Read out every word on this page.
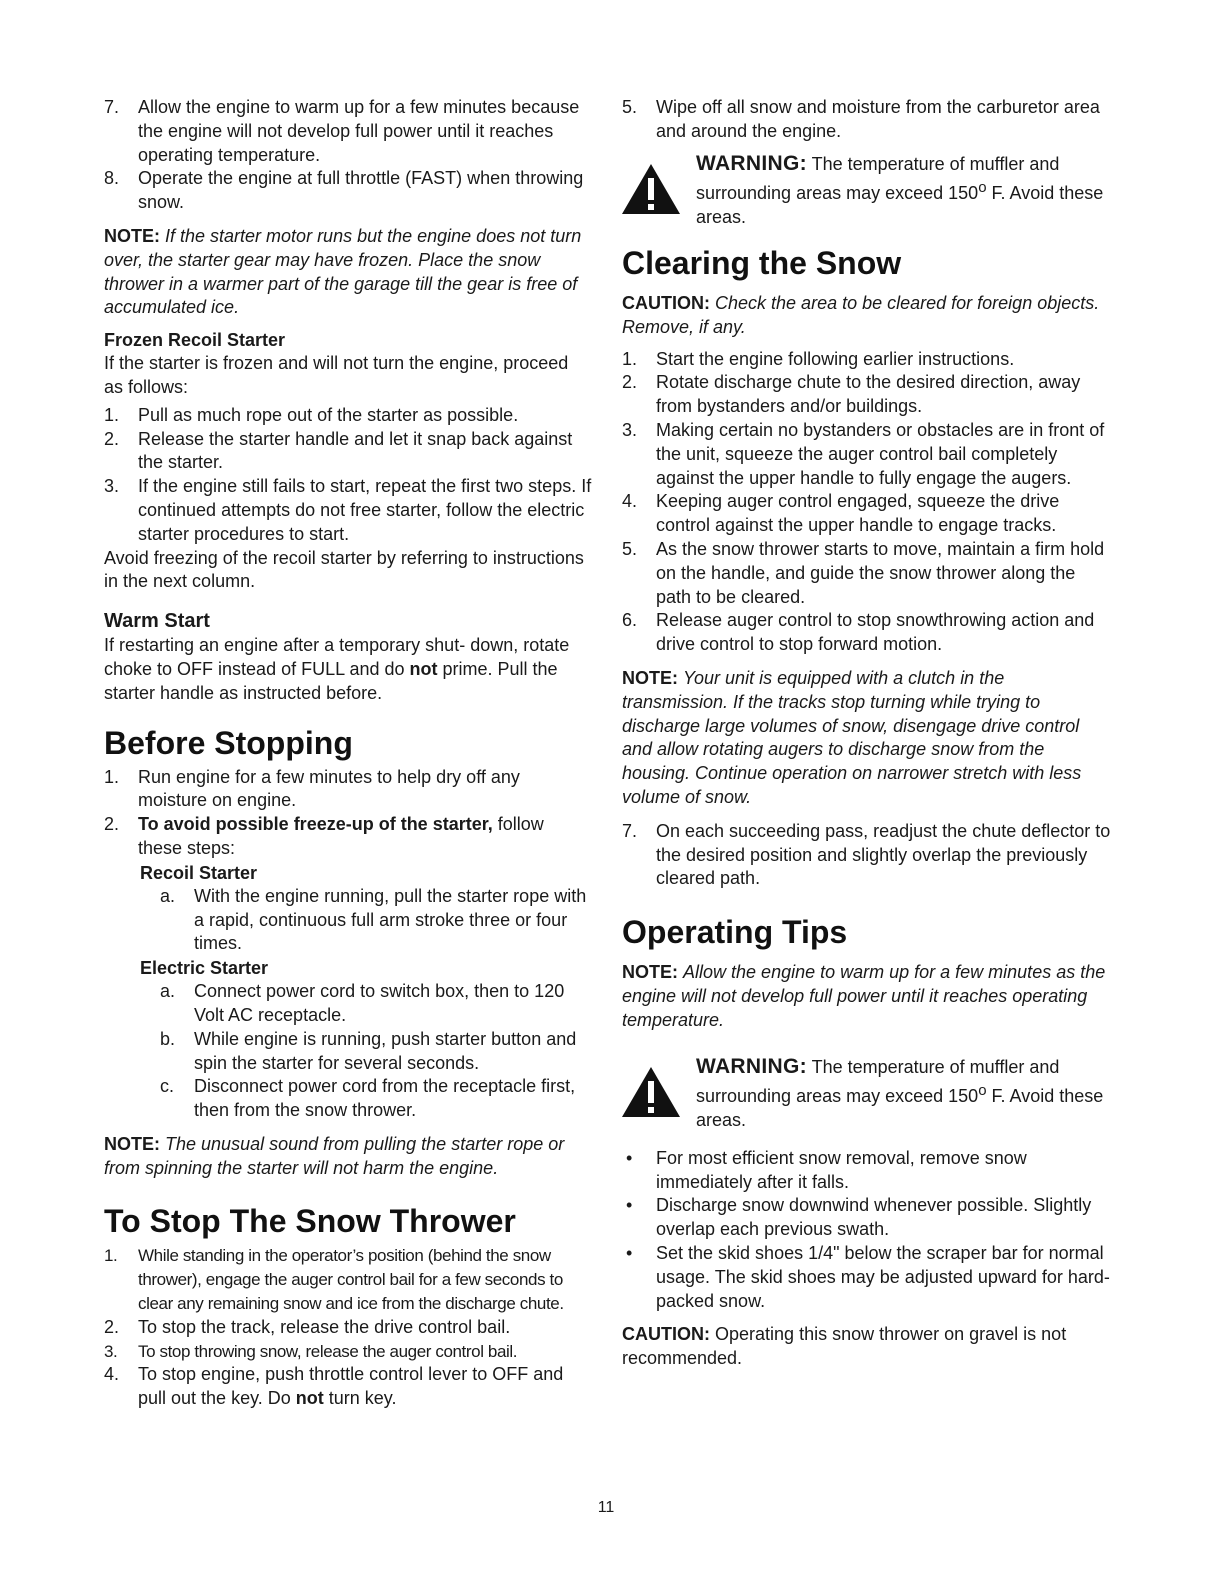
7.	Allow the engine to warm up for a few minutes because the engine will not develop full power until it reaches operating temperature.
8.	Operate the engine at full throttle (FAST) when throwing snow.

NOTE: If the starter motor runs but the engine does not turn over, the starter gear may have frozen. Place the snow thrower in a warmer part of the garage till the gear is free of accumulated ice.

Frozen Recoil Starter

If the starter is frozen and will not turn the engine, proceed as follows:

1.	Pull as much rope out of the starter as possible.
2.	Release the starter handle and let it snap back against the starter.
3.	If the engine still fails to start, repeat the first two steps. If continued attempts do not free starter, follow the electric starter procedures to start.

Avoid freezing of the recoil starter by referring to instructions in the next column.

Warm Start

If restarting an engine after a temporary shut- down, rotate choke to OFF instead of FULL and do not prime. Pull the starter handle as instructed before.

Before Stopping
1.	Run engine for a few minutes to help dry off any moisture on engine.
2.	To avoid possible freeze-up of the starter, follow these steps:
Recoil Starter
a.	With the engine running, pull the starter rope with a rapid, continuous full arm stroke three or four times.
Electric Starter
a.	Connect power cord to switch box, then to 120 Volt AC receptacle.
b.	While engine is running, push starter button and spin the starter for several seconds.
c.	Disconnect power cord from the receptacle first, then from the snow thrower.

NOTE: The unusual sound from pulling the starter rope or from spinning the starter will not harm the engine.

To Stop The Snow Thrower
1.	While standing in the operator’s position (behind the snow thrower), engage the auger control bail for a few seconds to clear any remaining snow and ice from the discharge chute.
2.	To stop the track, release the drive control bail.
3.	To stop throwing snow, release the auger control bail.
4.	To stop engine, push throttle control lever to OFF and pull out the key. Do not turn key.
5.	Wipe off all snow and moisture from the carburetor area and around the engine.

WARNING: The temperature of muffler and surrounding areas may exceed 150$^o$ F. Avoid these areas.

Clearing the Snow

CAUTION: Check the area to be cleared for foreign objects. Remove, if any.

1.	Start the engine following earlier instructions.
2.	Rotate discharge chute to the desired direction, away from bystanders and/or buildings.
3.	Making certain no bystanders or obstacles are in front of the unit, squeeze the auger control bail completely against the upper handle to fully engage the augers.
4.	Keeping auger control engaged, squeeze the drive control against the upper handle to engage tracks.
5.	As the snow thrower starts to move, maintain a firm hold on the handle, and guide the snow thrower along the path to be cleared.
6.	Release auger control to stop snowthrowing action and drive control to stop forward motion.

NOTE: Your unit is equipped with a clutch in the transmission. If the tracks stop turning while trying to discharge large volumes of snow, disengage drive control and allow rotating augers to discharge snow from the housing. Continue operation on narrower stretch with less volume of snow.

7.	On each succeeding pass, readjust the chute deflector to the desired position and slightly overlap the previously cleared path.
Operating Tips

NOTE: Allow the engine to warm up for a few minutes as the engine will not develop full power until it reaches operating temperature.

WARNING: The temperature of muffler and surrounding areas may exceed 150$^o$ F. Avoid these areas.

• For most efficient snow removal, remove snow immediately after it falls.
• Discharge snow downwind whenever possible. Slightly overlap each previous swath.
• Set the skid shoes 1/4" below the scraper bar for normal usage. The skid shoes may be adjusted upward for hard-packed snow.

CAUTION: Operating this snow thrower on gravel is not recommended.

11
